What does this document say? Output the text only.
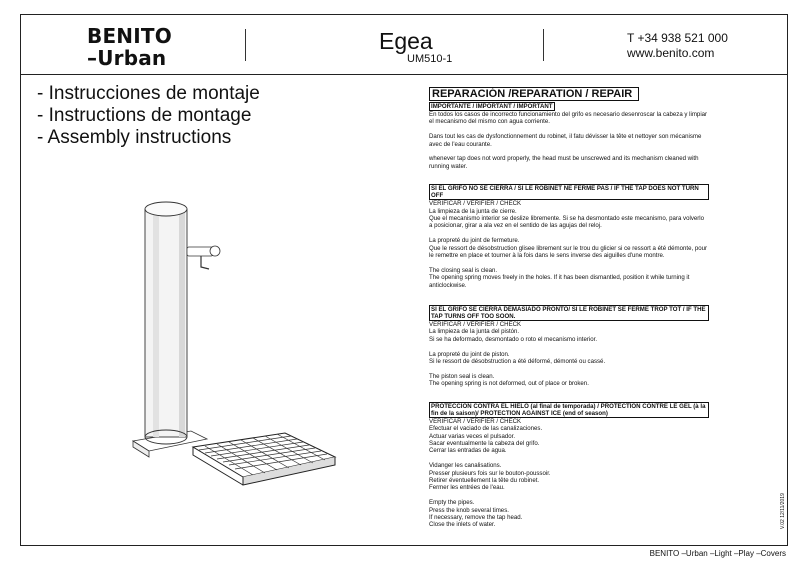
BENITO
–Urban
Egea
UM510-1
T +34 938 521 000
www.benito.com
- Instrucciones de montaje
- Instructions de montage
- Assembly instructions
REPARACIÓN /REPARATION / REPAIR
IMPORTANTE / IMPORTANT / IMPORTANT
En todos los casos de incorrecto funcionamiento del grifo es necesario desenroscar la cabeza y limpiar el mecanismo del mismo con agua corriente.
Dans tout les cas de dysfonctionnement du robinet, il fatu dévisser la tête et nettoyer son mécanisme avec de l'eau courante.
whenever tap does not word properly, the head must be unscrewed and its mechanism cleaned with running water.
SI EL GRIFO NO SE CIERRA / SI LE ROBINET NE FERME PAS / IF THE TAP DOES NOT TURN OFF
VERIFICAR / VERIFIER / CHECK
La limpieza de la junta de cierre.
Que el mecanismo interior se deslize libremente. Si se ha desmontado este mecanismo, para volverlo a posicionar, girar a ala vez en el sentido de las agujas del reloj.
La propreté du joint de fermeture.
Que le ressort de désobstruction glisee librement sur le trou du glicier si ce ressort a été démonte, pour le remettre en place et tourner à la fois dans le sens inverse des aiguilles d'une montre.
The closing seal is clean.
The opening spring moves freely in the holes. If it has been dismantled, position it while turning it anticlockwise.
SI EL GRIFO SE CIERRA DEMASIADO PRONTO/ SI LE ROBINET SE FERME TROP TOT / IF THE TAP TURNS OFF TOO SOON.
VERIFICAR / VERIFIER / CHECK
La limpieza de la junta del pistón.
Si se ha deformado, desmontado o roto el mecanismo interior.
La propreté du joint de piston.
Si le ressort de désobstruction a été déformé, démonté ou cassé.
The piston seal is clean.
The opening spring is not deformed, out of place or broken.
PROTECCIÓN CONTRA EL HIELO (al final de temporada) / PROTECTION CONTRE LE GEL (à la fin de la saison)/ PROTECTION AGAINST ICE (end of season)
VERIFICAR / VERIFIER / CHECK
Efectuar el vaciado de las canalizaciones.
Actuar varias veces el pulsador.
Sacar eventualmente la cabeza del grifo.
Cerrar las entradas de agua.
Vidanger les canalisations.
Presser plusieurs fois sur le bouton-poussoir.
Retirer éventuellement la tête du robinet.
Fermer les entrées de l'eau.
Empty the pipes.
Press the knob several times.
If necessary, remove the tap head.
Close the inlets of water.	V.02 12/11/2019
BENITO –Urban –Light –Play –Covers
